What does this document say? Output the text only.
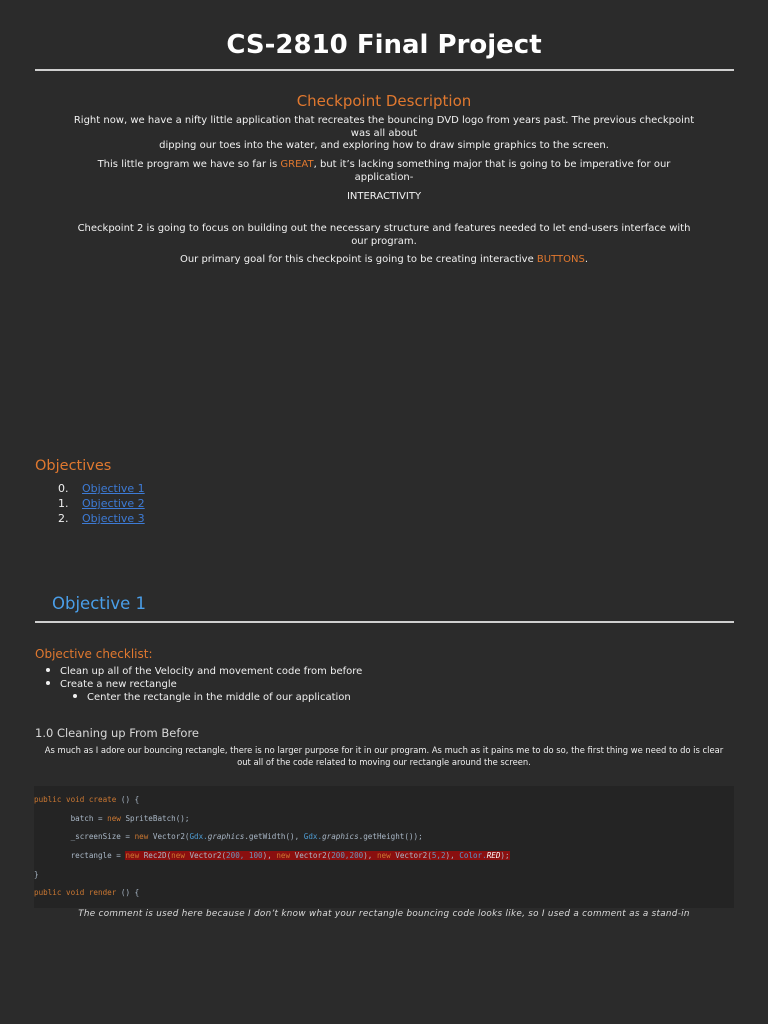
CS-2810 Final Project
Checkpoint Description
Right now, we have a nifty little application that recreates the bouncing DVD logo from years past. The previous checkpoint was all about
dipping our toes into the water, and exploring how to draw simple graphics to the screen.
This little program we have so far is GREAT, but it’s lacking something major that is going to be imperative for our application-
INTERACTIVITY
Checkpoint 2 is going to focus on building out the necessary structure and features needed to let end-users interface with our program.
Our primary goal for this checkpoint is going to be creating interactive BUTTONS.
Objectives
0. Objective 1
1. Objective 2
2. Objective 3
Objective 1
Objective checklist:
Clean up all of the Velocity and movement code from before
Create a new rectangle
Center the rectangle in the middle of our application
1.0 Cleaning up From Before
As much as I adore our bouncing rectangle, there is no larger purpose for it in our program. As much as it pains me to do so, the first thing we need to do is clear
out all of the code related to moving our rectangle around the screen.

public void create () {

batch = new SpriteBatch();

_screenSize = new Vector2(Gdx.graphics.getWidth(), Gdx.graphics.getHeight());

rectangle = new Rec2D(new Vector2(200, 100), new Vector2(200,200), new Vector2(5,2), Color.RED);

}

public void render () {

The comment is used here because I don’t know what your rectangle bouncing code looks like, so I used a comment as a stand-in
